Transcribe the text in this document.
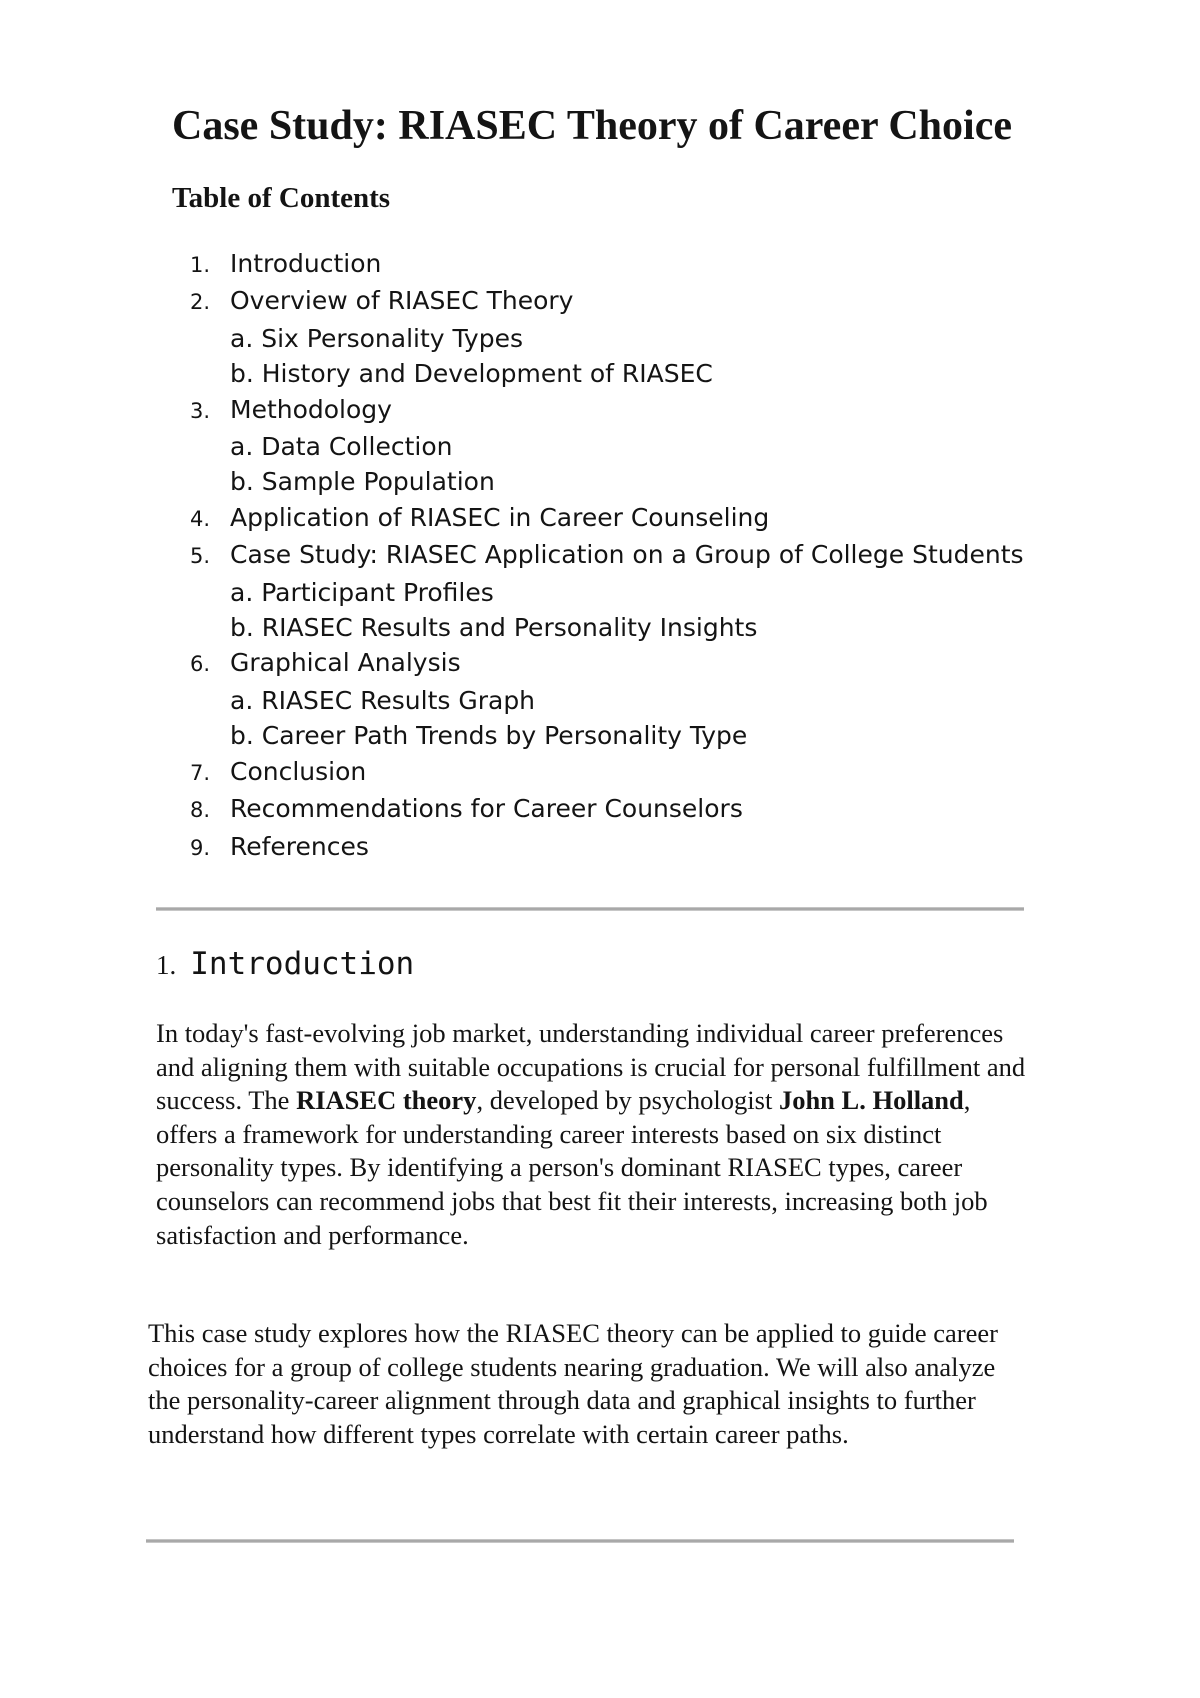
Case Study: RIASEC Theory of Career Choice
Table of Contents
1. Introduction
2. Overview of RIASEC Theory
a. Six Personality Types
b. History and Development of RIASEC
3. Methodology
a. Data Collection
b. Sample Population
4. Application of RIASEC in Career Counseling
5. Case Study: RIASEC Application on a Group of College Students
a. Participant Profiles
b. RIASEC Results and Personality Insights
6. Graphical Analysis
a. RIASEC Results Graph
b. Career Path Trends by Personality Type
7. Conclusion
8. Recommendations for Career Counselors
9. References
1. Introduction

In today's fast-evolving job market, understanding individual career preferences and aligning them with suitable occupations is crucial for personal fulfillment and success. The RIASEC theory, developed by psychologist John L. Holland, offers a framework for understanding career interests based on six distinct personality types. By identifying a person's dominant RIASEC types, career counselors can recommend jobs that best fit their interests, increasing both job satisfaction and performance.

This case study explores how the RIASEC theory can be applied to guide career choices for a group of college students nearing graduation. We will also analyze the personality-career alignment through data and graphical insights to further understand how different types correlate with certain career paths.
